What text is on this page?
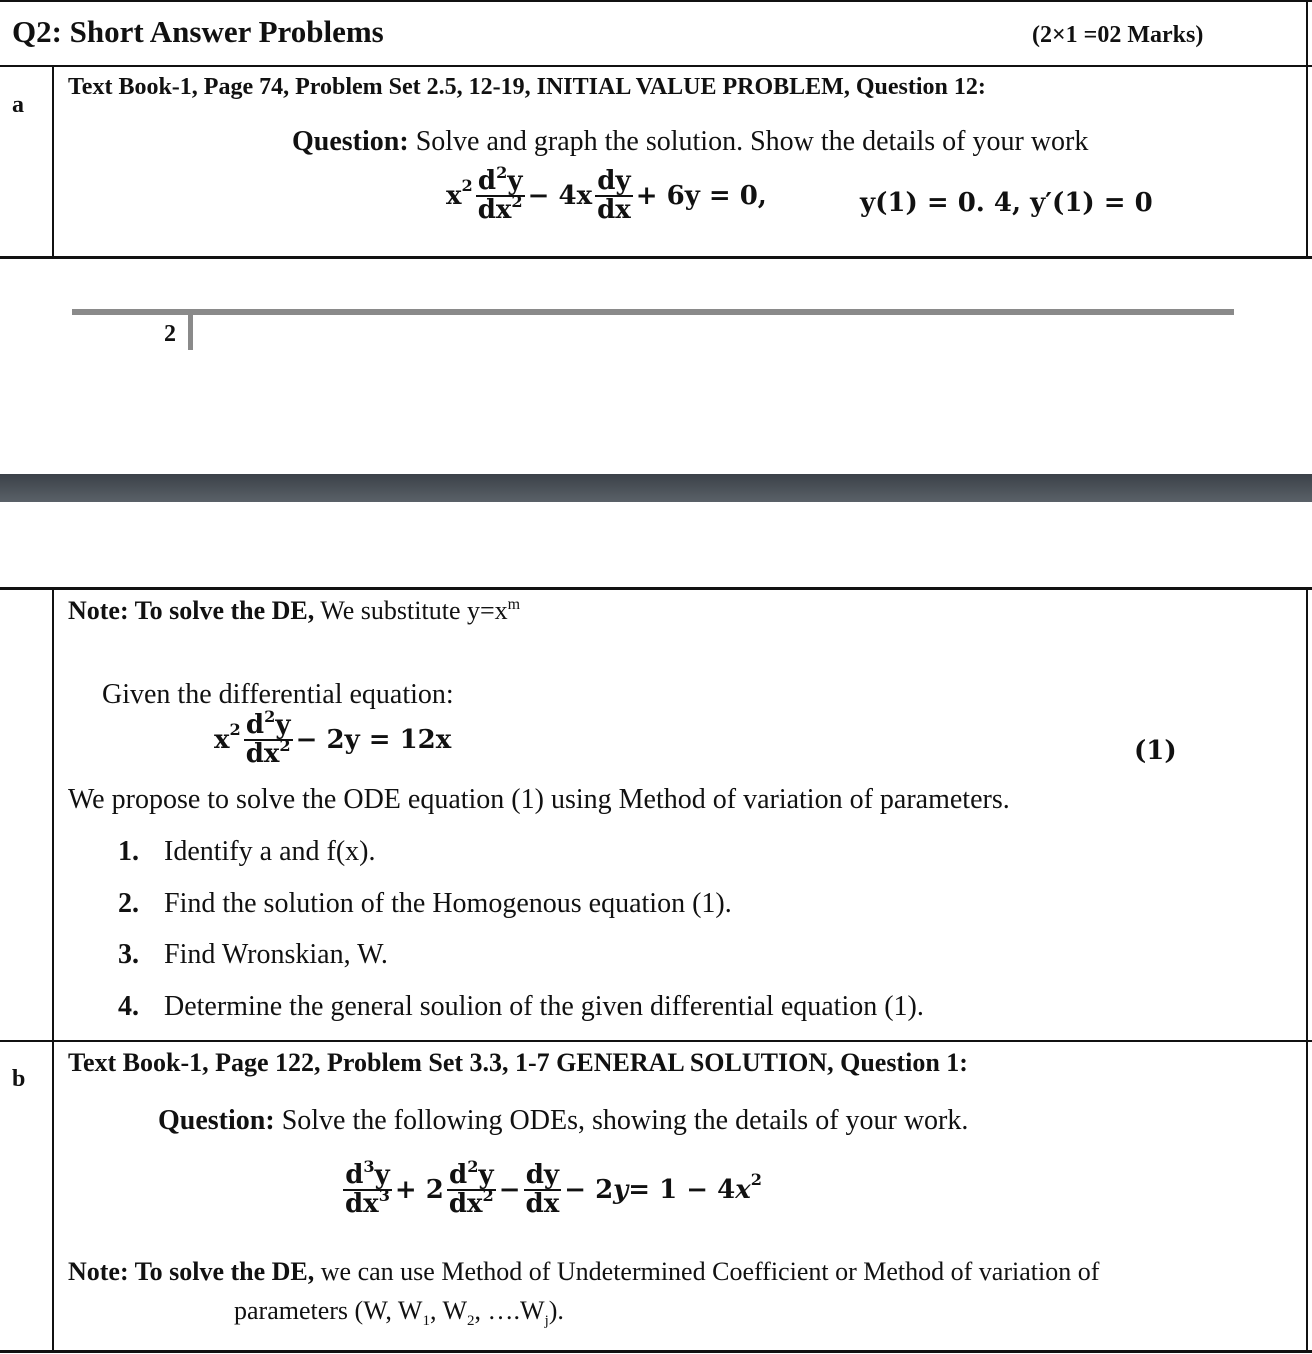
Q2: Short Answer Problems	(2×1 =02 Marks)
a
Text Book-1, Page 74, Problem Set 2.5, 12-19, INITIAL VALUE PROBLEM, Question 12:
Question: Solve and graph the solution. Show the details of your work
x $2 \frac{d^2y}{dx^2} - 4x \frac{dy}{dx} + 6y = 0$,	y(1) = 0. 4, y′(1) = 0
2
Note: To solve the DE, We substitute $y=x^m$
Given the differential equation:
x $2 \frac{d^2y}{dx^2} - 2y = 12x$	(1)
We propose to solve the ODE equation (1) using Method of variation of parameters.
1. Identify a and f(x).
2. Find the solution of the Homogenous equation (1).
3. Find Wronskian, W.
4. Determine the general soulion of the given differential equation (1).
b
Text Book-1, Page 122, Problem Set 3.3, 1-7 GENERAL SOLUTION, Question 1:
Question: Solve the following ODEs, showing the details of your work.
$\frac{d^3y}{dx^3} + 2 \frac{d^2y}{dx^2} - \frac{dy}{dx} - 2$ y = 1 − 4 x 2
Note: To solve the DE, we can use Method of Undetermined Coefficient or Method of variation of
parameters (W, $W_1$, $W_2$, $\dots.W_j$).
